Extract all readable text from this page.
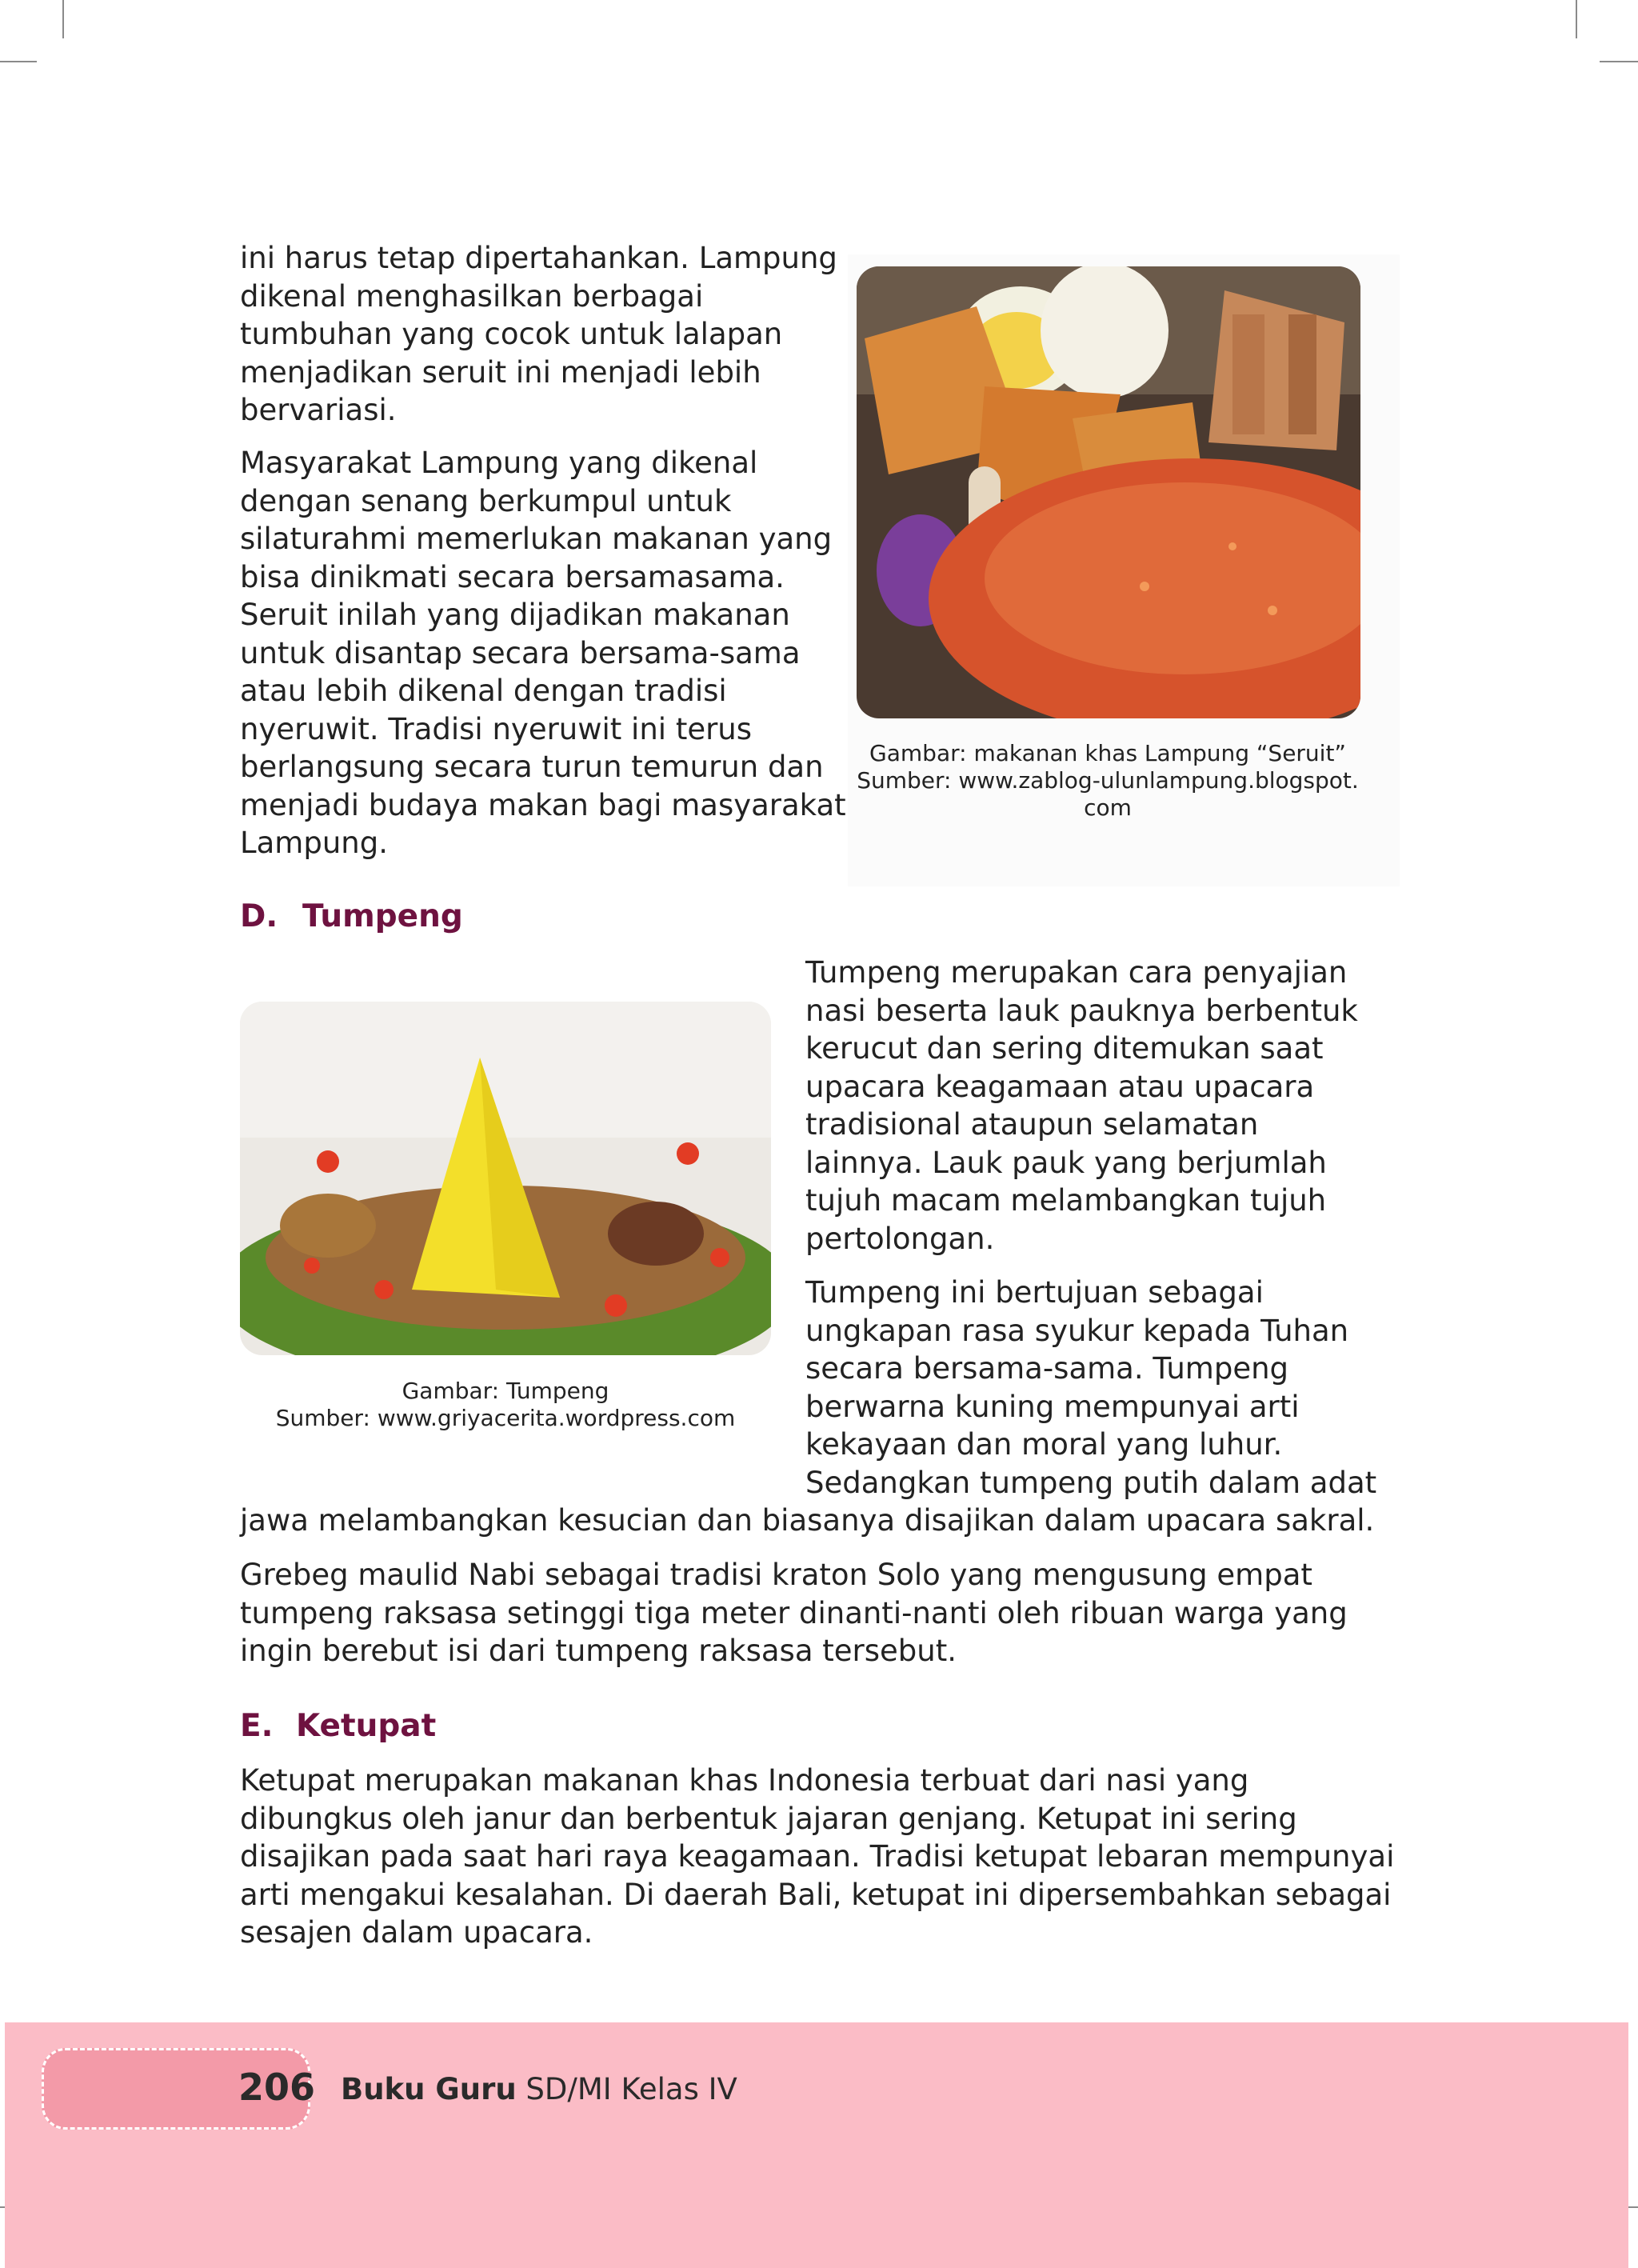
ini harus tetap dipertahankan. Lampung
dikenal menghasilkan berbagai
tumbuhan yang cocok untuk lalapan
menjadikan seruit ini menjadi lebih
bervariasi.

Masyarakat Lampung yang dikenal
dengan senang berkumpul untuk
silaturahmi memerlukan makanan yang
bisa dinikmati secara bersamasama.
Seruit inilah yang dijadikan makanan
untuk disantap secara bersama-sama
atau lebih dikenal dengan tradisi
nyeruwit. Tradisi nyeruwit ini terus
berlangsung secara turun temurun dan
menjadi budaya makan bagi masyarakat
Lampung.

Gambar: makanan khas Lampung “Seruit”
Sumber: www.zablog-ulunlampung.blogspot.
com

D. Tumpeng

Gambar: Tumpeng
Sumber: www.griyacerita.wordpress.com

Tumpeng merupakan cara penyajian
nasi beserta lauk pauknya berbentuk
kerucut dan sering ditemukan saat
upacara keagamaan atau upacara
tradisional ataupun selamatan
lainnya. Lauk pauk yang berjumlah
tujuh macam melambangkan tujuh
pertolongan.

Tumpeng ini bertujuan sebagai
ungkapan rasa syukur kepada Tuhan
secara bersama-sama. Tumpeng
berwarna kuning mempunyai arti
kekayaan dan moral yang luhur.
Sedangkan tumpeng putih dalam adat

jawa melambangkan kesucian dan biasanya disajikan dalam upacara sakral.

Grebeg maulid Nabi sebagai tradisi kraton Solo yang mengusung empat
tumpeng raksasa setinggi tiga meter dinanti-nanti oleh ribuan warga yang
ingin berebut isi dari tumpeng raksasa tersebut.

E. Ketupat

Ketupat merupakan makanan khas Indonesia terbuat dari nasi yang
dibungkus oleh janur dan berbentuk jajaran genjang. Ketupat ini sering
disajikan pada saat hari raya keagamaan. Tradisi ketupat lebaran mempunyai
arti mengakui kesalahan. Di daerah Bali, ketupat ini dipersembahkan sebagai
sesajen dalam upacara.

206 Buku Guru SD/MI Kelas IV
